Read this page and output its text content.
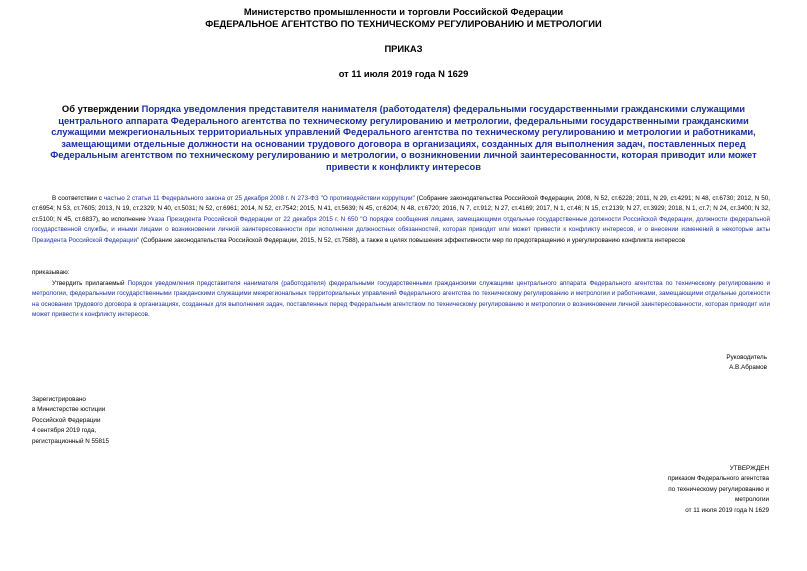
Министерство промышленности и торговли Российской Федерации
ФЕДЕРАЛЬНОЕ АГЕНТСТВО ПО ТЕХНИЧЕСКОМУ РЕГУЛИРОВАНИЮ И МЕТРОЛОГИИ
ПРИКАЗ
от 11 июля 2019 года N 1629
Об утверждении Порядка уведомления представителя нанимателя (работодателя) федеральными государственными гражданскими служащими центрального аппарата Федерального агентства по техническому регулированию и метрологии, федеральными государственными гражданскими служащими межрегиональных территориальных управлений Федерального агентства по техническому регулированию и метрологии и работниками, замещающими отдельные должности на основании трудового договора в организациях, созданных для выполнения задач, поставленных перед Федеральным агентством по техническому регулированию и метрологии, о возникновении личной заинтересованности, которая приводит или может привести к конфликту интересов
В соответствии с частью 2 статьи 11 Федерального закона от 25 декабря 2008 г. N 273-ФЗ "О противодействии коррупции" (Собрание законодательства Российской Федерации, 2008, N 52, ст.6228; 2011, N 29, ст.4291; N 48, ст.6730; 2012, N 50, ст.6954; N 53, ст.7605; 2013, N 19, ст.2329; N 40, ст.5031; N 52, ст.6961; 2014, N 52, ст.7542; 2015, N 41, ст.5639; N 45, ст.6204; N 48, ст.6720; 2016, N 7, ст.912; N 27, ст.4169; 2017, N 1, ст.46; N 15, ст.2139; N 27, ст.3929; 2018, N 1, ст.7; N 24, ст.3400; N 32, ст.5100; N 45, ст.6837), во исполнение Указа Президента Российской Федерации от 22 декабря 2015 г. N 650 "О порядке сообщения лицами, замещающими отдельные государственные должности Российской Федерации, должности федеральной государственной службы, и иными лицами о возникновении личной заинтересованности при исполнении должностных обязанностей, которая приводит или может привести к конфликту интересов, и о внесении изменений в некоторые акты Президента Российской Федерации" (Собрание законодательства Российской Федерации, 2015, N 52, ст.7588), а также в целях повышения эффективности мер по предотвращению и урегулированию конфликта интересов
приказываю:
Утвердить прилагаемый Порядок уведомления представителя нанимателя (работодателя) федеральными государственными гражданскими служащими центрального аппарата Федерального агентства по техническому регулированию и метрологии, федеральными государственными гражданскими служащими межрегиональных территориальных управлений Федерального агентства по техническому регулированию и метрологии и работниками, замещающими отдельные должности на основании трудового договора в организациях, созданных для выполнения задач, поставленных перед Федеральным агентством по техническому регулированию и метрологии о возникновении личной заинтересованности, которая приводит или может привести к конфликту интересов.
Руководитель
А.В.Абрамов
Зарегистрировано
в Министерстве юстиции
Российской Федерации
4 сентября 2019 года,
регистрационный N 55815
УТВЕРЖДЕН
приказом Федерального агентства
по техническому регулированию и
метрологии
от 11 июля 2019 года N 1629
